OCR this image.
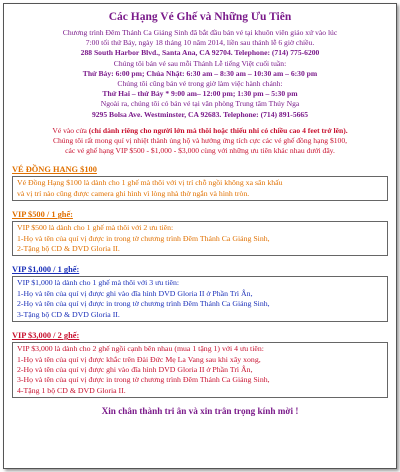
Các Hạng Vé Ghế và Những Ưu Tiên
Chương trình Đêm Thánh Ca Giáng Sinh đã bắt đầu bán vé tại khuôn viên giáo xứ vào lúc
7:00 tối thứ Bảy, ngày 18 tháng 10 năm 2014, liền sau thánh lễ 6 giờ chiều.
288 South Harbor Blvd., Santa Ana, CA 92704. Telephone: (714) 775-6200
Chúng tôi bán vé sau mỗi Thánh Lễ tiếng Việt cuối tuần:
Thứ Bảy: 6:00 pm; Chúa Nhật: 6:30 am – 8:30 am – 10:30 am – 6:30 pm
Chúng tôi cũng bán vé trong giờ làm việc hành chánh:
Thứ Hai – thứ Bảy * 9:00 am– 12:00 pm; 1:30 pm – 5:30 pm
Ngoài ra, chúng tôi có bán vé tại văn phòng Trung tâm Thúy Nga
9295 Bolsa Ave. Westminster, CA 92683. Telephone: (714) 891-5665
Vé vào cửa (chỉ dành riêng cho người lớn mà thôi hoặc thiếu nhi có chiều cao 4 feet trở lên).
Chúng tôi rất mong quí vị nhiệt thành ủng hộ và hưởng ứng tích cực các vé ghế đồng hạng $100,
các vé ghế hạng VIP $500 - $1,000 - $3,000 cùng với những ưu tiên khác nhau dưới đây.
VÉ ĐỒNG HẠNG $100
Vé Đồng Hạng $100 là dành cho 1 ghế mà thôi với vị trí chỗ ngồi không xa sân khấu
và vị trí nào cũng được camera ghi hình vì lòng nhà thờ ngắn và hình tròn.
VIP $500 / 1 ghế:
VIP $500 là dành cho 1 ghế mà thôi với 2 ưu tiên:
1-Họ và tên của quí vị được in trong tờ chương trình Đêm Thánh Ca Giáng Sinh,
2-Tặng bộ CD & DVD Gloria II.
VIP $1,000 / 1 ghế:
VIP $1,000 là dành cho 1 ghế mà thôi với 3 ưu tiên:
1-Họ và tên của quí vị được ghi vào đĩa hình DVD Gloria II ở Phần Trì Ân,
2-Họ và tên của quí vị được in trong tờ chương trình Đêm Thánh Ca Giáng Sinh,
3-Tặng bộ CD & DVD Gloria II.
VIP $3,000 / 2 ghế:
VIP $3,000 là dành cho 2 ghế ngồi cạnh bên nhau (mua 1 tặng 1) với 4 ưu tiên:
1-Họ và tên của quí vị được khắc trên Đài Đức Mẹ La Vang sau khi xây xong,
2-Họ và tên của quí vị được ghi vào đĩa hình DVD Gloria II ở Phần Trì Ân,
3-Họ và tên của quí vị được in trong tờ chương trình Đêm Thánh Ca Giáng Sinh,
4-Tặng 1 bộ CD & DVD Gloria II.
Xin chân thành tri ân và xin trân trọng kính mời !
